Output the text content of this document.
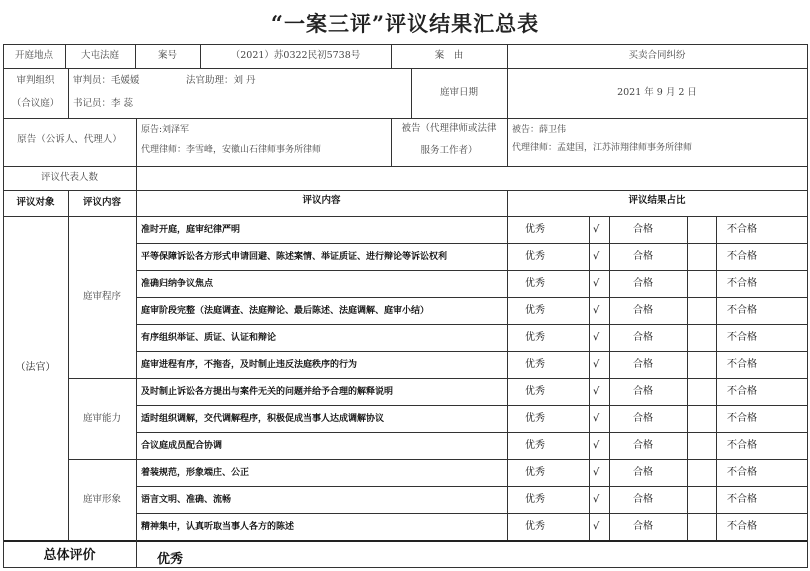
“一案三评”评议结果汇总表
开庭地点	大屯法庭	案号	（2021）苏0322民初5738号	案　由	买卖合同纠纷
审判组织
（合议庭）
审判员：毛媛媛	法官助理：刘 丹
书记员：李 蕊
庭审日期	2021 年 9 月 2 日
原告（公诉人、代理人）
原告:刘泽军
代理律师：李雪峰，安徽山石律师事务所律师
被告（代理律师或法律
服务工作者）
被告：薛卫伟
代理律师：孟建国，江苏沛翔律师事务所律师
评议代表人数
评议对象	评议内容	评议内容	评议结果占比
（法官）
总体评价	优秀
庭审程序
准时开庭，庭审纪律严明	优秀	√	合格	不合格
平等保障诉讼各方形式申请回避、陈述案情、举证质证、进行辩论等诉讼权利	优秀	√	合格	不合格
准确归纳争议焦点	优秀	√	合格	不合格
庭审阶段完整（法庭调查、法庭辩论、最后陈述、法庭调解、庭审小结）	优秀	√	合格	不合格
有序组织举证、质证、认证和辩论	优秀	√	合格	不合格
庭审进程有序，不拖沓，及时制止违反法庭秩序的行为	优秀	√	合格	不合格
庭审能力
及时制止诉讼各方提出与案件无关的问题并给予合理的解释说明	优秀	√	合格	不合格
适时组织调解，交代调解程序，积极促成当事人达成调解协议	优秀	√	合格	不合格
合议庭成员配合协调	优秀	√	合格	不合格
庭审形象
着装规范，形象端庄、公正	优秀	√	合格	不合格
语言文明、准确、流畅	优秀	√	合格	不合格
精神集中，认真听取当事人各方的陈述	优秀	√	合格	不合格
